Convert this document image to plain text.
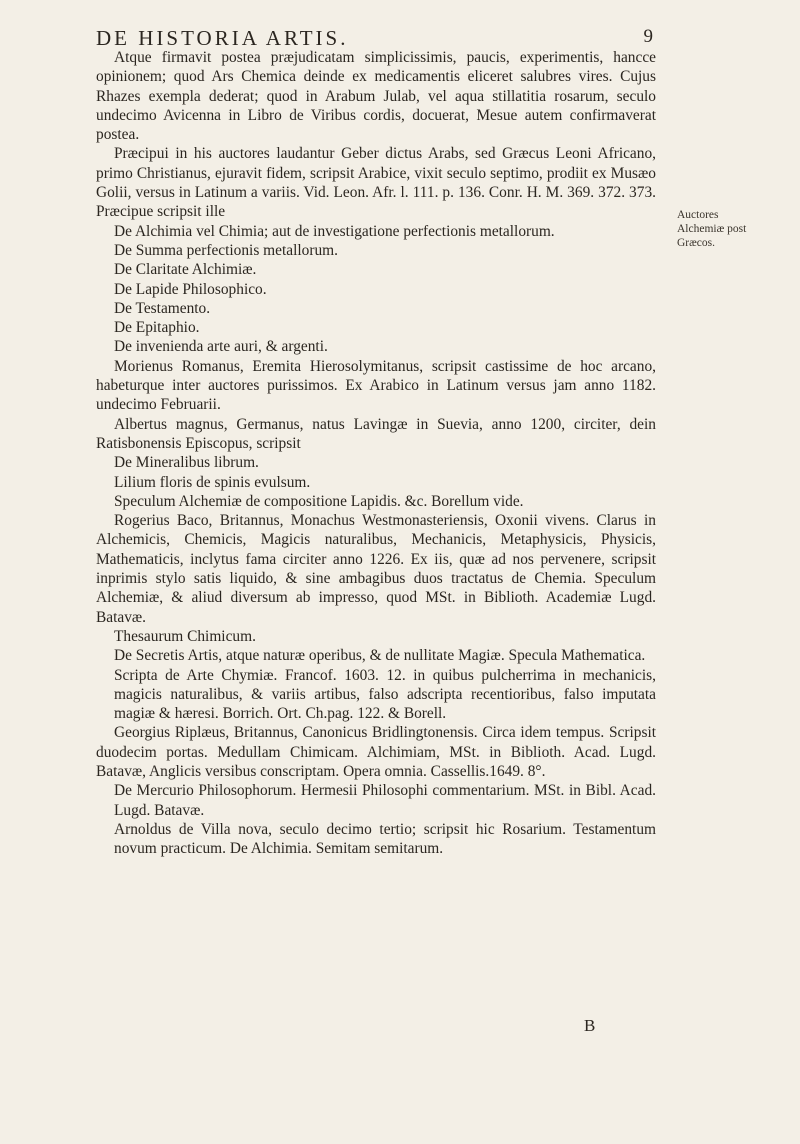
DE HISTORIA ARTIS.	9

Atque firmavit postea præjudicatam simplicissimis, paucis, experimentis, hancce opinionem; quod Ars Chemica deinde ex medicamentis eliceret salubres vires. Cujus Rhazes exempla dederat; quod in Arabum Julab, vel aqua stillatitia rosarum, seculo undecimo Avicenna in Libro de Viribus cordis, docuerat, Mesue autem confirmaverat postea.

Præcipui in his auctores laudantur Geber dictus Arabs, sed Græcus Leoni Africano, primo Christianus, ejuravit fidem, scripsit Arabice, vixit seculo septimo, prodiit ex Musæo Golii, versus in Latinum a variis. Vid. Leon. Afr. l. 111. p. 136. Conr. H. M. 369. 372. 373. Præcipue scripsit ille

De Alchimia vel Chimia; aut de investigatione perfectionis metallorum.

De Summa perfectionis metallorum.

De Claritate Alchimiæ.

De Lapide Philosophico.

De Testamento.

De Epitaphio.

De invenienda arte auri, & argenti.

Morienus Romanus, Eremita Hierosolymitanus, scripsit castissime de hoc arcano, habeturque inter auctores purissimos. Ex Arabico in Latinum versus jam anno 1182. undecimo Februarii.

Albertus magnus, Germanus, natus Lavingæ in Suevia, anno 1200, circiter, dein Ratisbonensis Episcopus, scripsit

De Mineralibus librum.

Lilium floris de spinis evulsum.

Speculum Alchemiæ de compositione Lapidis. &c. Borellum vide.

Rogerius Baco, Britannus, Monachus Westmonasteriensis, Oxonii vivens. Clarus in Alchemicis, Chemicis, Magicis naturalibus, Mechanicis, Metaphysicis, Physicis, Mathematicis, inclytus fama circiter anno 1226. Ex iis, quæ ad nos pervenere, scripsit inprimis stylo satis liquido, & sine ambagibus duos tractatus de Chemia. Speculum Alchemiæ, & aliud diversum ab impresso, quod MSt. in Biblioth. Academiæ Lugd. Batavæ.

Thesaurum Chimicum.

De Secretis Artis, atque naturæ operibus, & de nullitate Magiæ. Specula Mathematica.

Scripta de Arte Chymiæ. Francof. 1603. 12. in quibus pulcherrima in mechanicis, magicis naturalibus, & variis artibus, falso adscripta recentioribus, falso imputata magiæ & hæresi. Borrich. Ort. Ch.pag. 122. & Borell.

Georgius Riplæus, Britannus, Canonicus Bridlingtonensis. Circa idem tempus. Scripsit duodecim portas. Medullam Chimicam. Alchimiam, MSt. in Biblioth. Acad. Lugd. Batavæ, Anglicis versibus conscriptam. Opera omnia. Cassellis.1649. 8°.

De Mercurio Philosophorum. Hermesii Philosophi commentarium. MSt. in Bibl. Acad. Lugd. Batavæ.

Arnoldus de Villa nova, seculo decimo tertio; scripsit hic Rosarium. Testamentum novum practicum. De Alchimia. Semitam semitarum.

Auctores Alchemiæ post Græcos.
B
